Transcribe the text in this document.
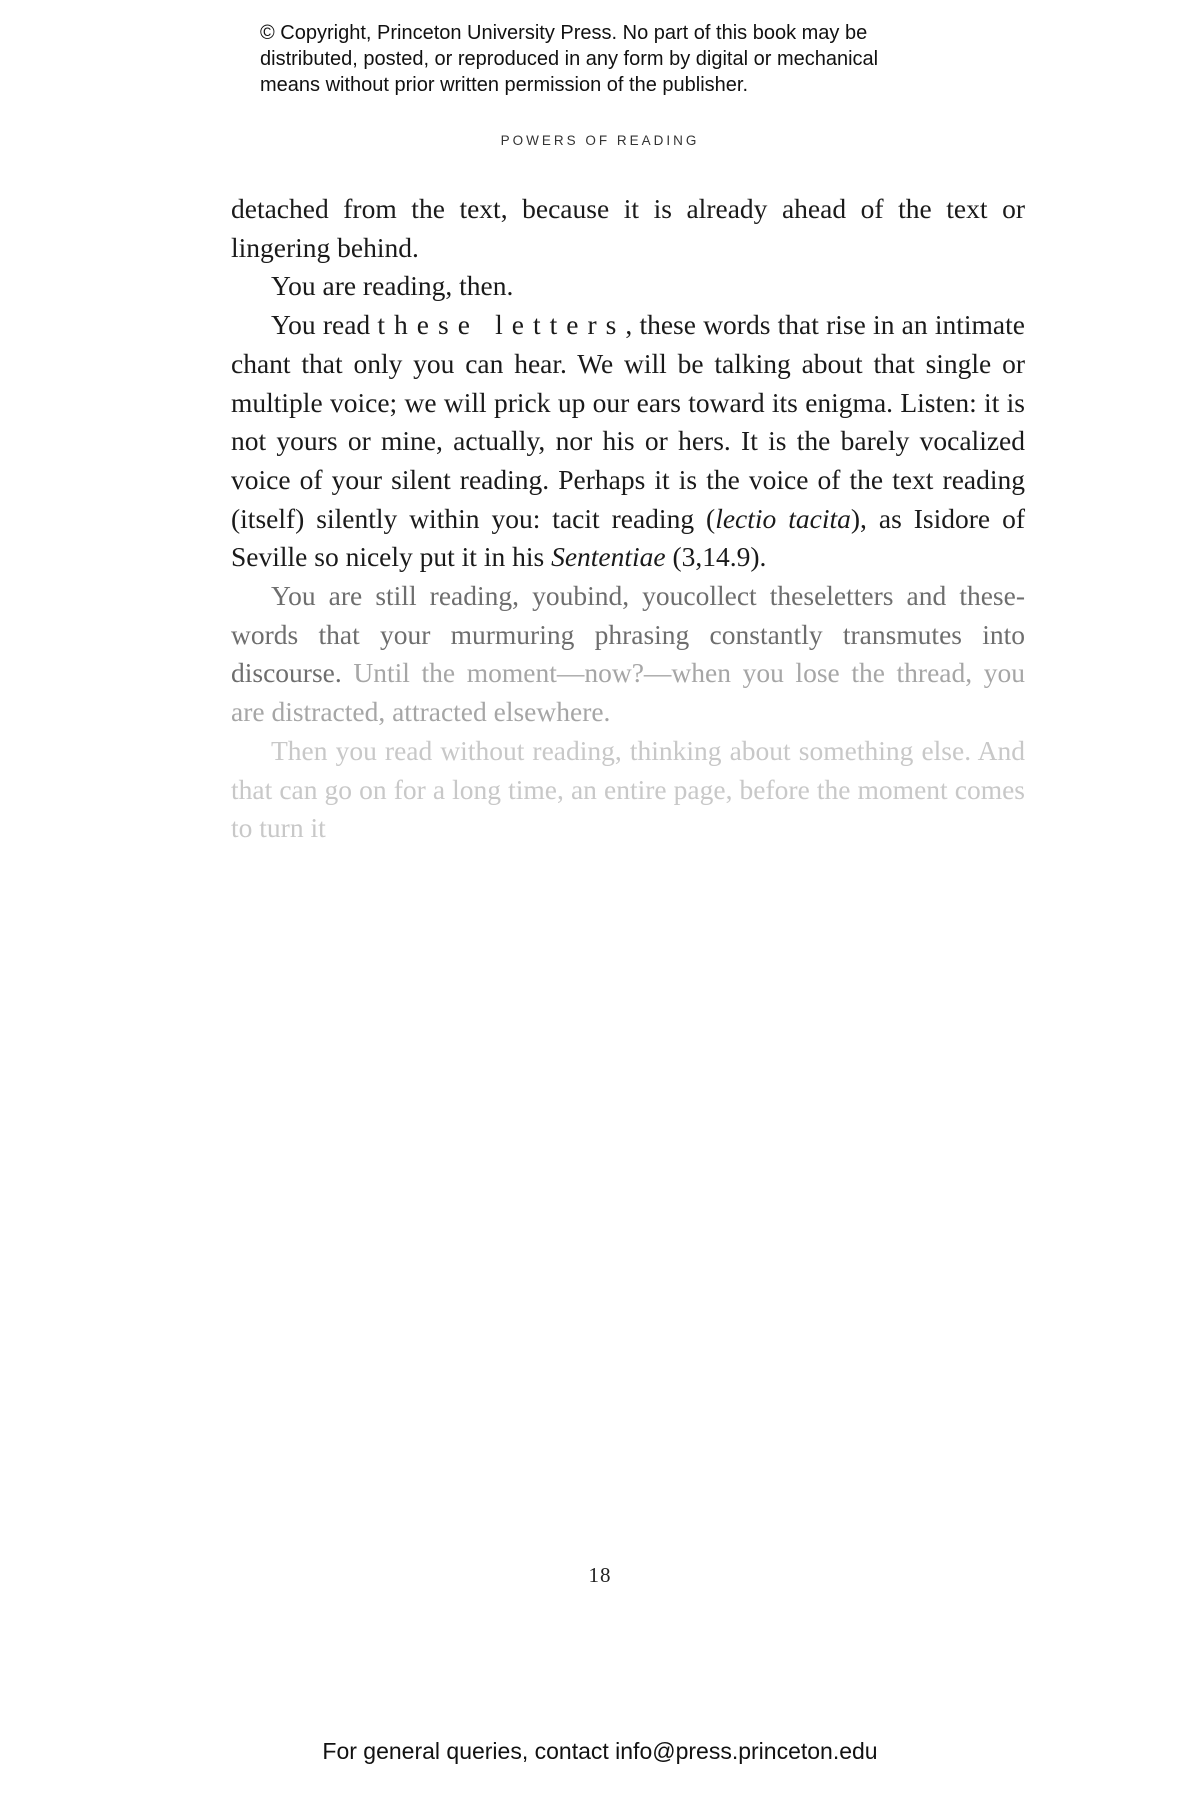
© Copyright, Princeton University Press. No part of this book may be
distributed, posted, or reproduced in any form by digital or mechanical
means without prior written permission of the publisher.
POWERS OF READING

detached from the text, because it is already ahead of the text or lingering behind.

You are reading, then.

You read these letters, these words that rise in an intimate chant that only you can hear. We will be talking about that single or multiple voice; we will prick up our ears toward its enigma. Listen: it is not yours or mine, actually, nor his or hers. It is the barely vocalized voice of your silent reading. Perhaps it is the voice of the text reading (itself) silently within you: tacit reading (lectio tacita), as Isidore of Seville so nicely put it in his Sententiae (3,14.9).

You are still reading, youbind, youcollect theseletters and these-words that your murmuring phrasing constantly transmutes into discourse. Until the moment—now?—when you lose the thread, you are distracted, attracted elsewhere.

Then you read without reading, thinking about something else. And that can go on for a long time, an entire page, before the moment comes to turn it

18
For general queries, contact info@press.princeton.edu
